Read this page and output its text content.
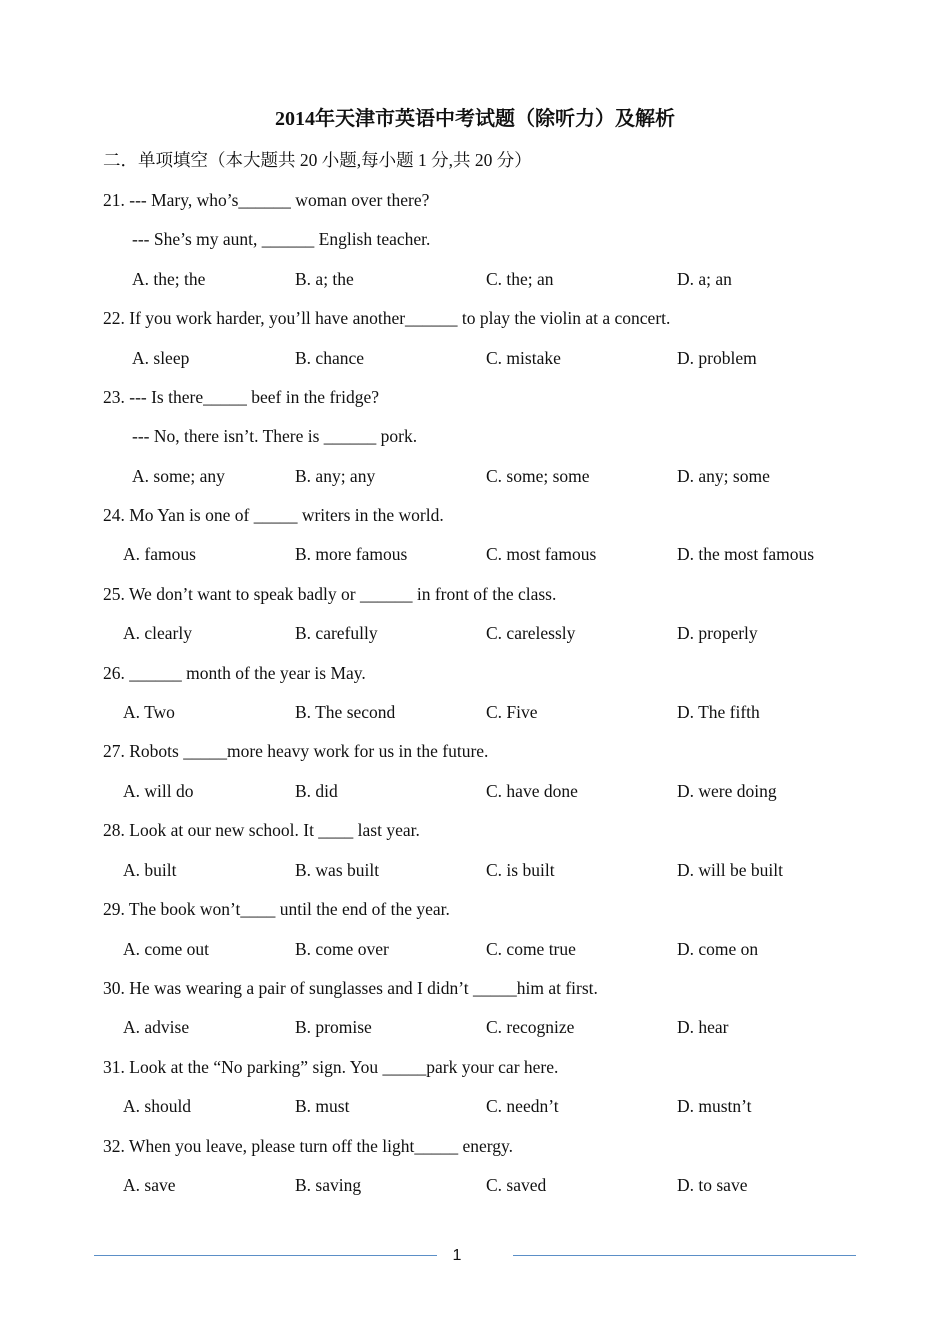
2014年天津市英语中考试题（除听力）及解析
二．单项填空（本大题共 20 小题,每小题 1 分,共 20 分）
21. --- Mary, who’s______ woman over there?
--- She’s my aunt, ______ English teacher.
A. the; the	B. a; the	C. the; an	D. a; an
22. If you work harder, you’ll have another______ to play the violin at a concert.
A. sleep	B. chance	C. mistake	D. problem
23. --- Is there_____ beef in the fridge?
--- No, there isn’t. There is ______ pork.
A. some; any	B. any; any	C. some; some	D. any; some
24. Mo Yan is one of _____ writers in the world.
A. famous	B. more famous	C. most famous	D. the most famous
25. We don’t want to speak badly or ______ in front of the class.
A. clearly	B. carefully	C. carelessly	D. properly
26. ______ month of the year is May.
A. Two	B. The second	C. Five	D. The fifth
27. Robots _____more heavy work for us in the future.
A. will do	B. did	C. have done	D. were doing
28. Look at our new school. It ____ last year.
A. built	B. was built	C. is built	D. will be built
29. The book won’t____ until the end of the year.
A. come out	B. come over	C. come true	D. come on
30. He was wearing a pair of sunglasses and I didn’t _____him at first.
A. advise	B. promise	C. recognize	D. hear
31. Look at the “No parking” sign. You _____park your car here.
A. should	B. must	C. needn’t	D. mustn’t
32. When you leave, please turn off the light_____ energy.
A. save	B. saving	C. saved	D. to save
1
